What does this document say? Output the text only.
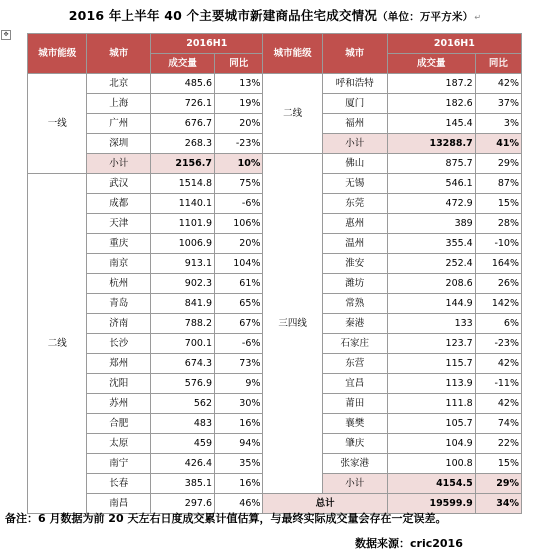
2016 年上半年 40 个主要城市新建商品住宅成交情况（单位：万平方米）↵
✥
城市能级	城市	2016H1		城市能级	城市	2016H1	
		成交量	同比			成交量	同比
一线	北京	485.6	13%	二线	呼和浩特	187.2	42%
	上海	726.1	19%		厦门	182.6	37%
	广州	676.7	20%		福州	145.4	3%
	深圳	268.3	-23%		小计	13288.7	41%
	小计	2156.7	10%	三四线	佛山	875.7	29%
二线	武汉	1514.8	75%		无锡	546.1	87%
	成都	1140.1	-6%		东莞	472.9	15%
	天津	1101.9	106%		惠州	389	28%
	重庆	1006.9	20%		温州	355.4	-10%
	南京	913.1	104%		淮安	252.4	164%
	杭州	902.3	61%		潍坊	208.6	26%
	青岛	841.9	65%		常熟	144.9	142%
	济南	788.2	67%		秦港	133	6%
	长沙	700.1	-6%		石家庄	123.7	-23%
	郑州	674.3	73%		东营	115.7	42%
	沈阳	576.9	9%		宜昌	113.9	-11%
	苏州	562	30%		莆田	111.8	42%
	合肥	483	16%		襄樊	105.7	74%
	太原	459	94%		肇庆	104.9	22%
	南宁	426.4	35%		张家港	100.8	15%
	长春	385.1	16%		小计	4154.5	29%
	南昌	297.6	46%	总计		19599.9	34%
备注：6 月数据为前 20 天左右日度成交累计值估算，与最终实际成交量会存在一定误差。
数据来源：cric2016
